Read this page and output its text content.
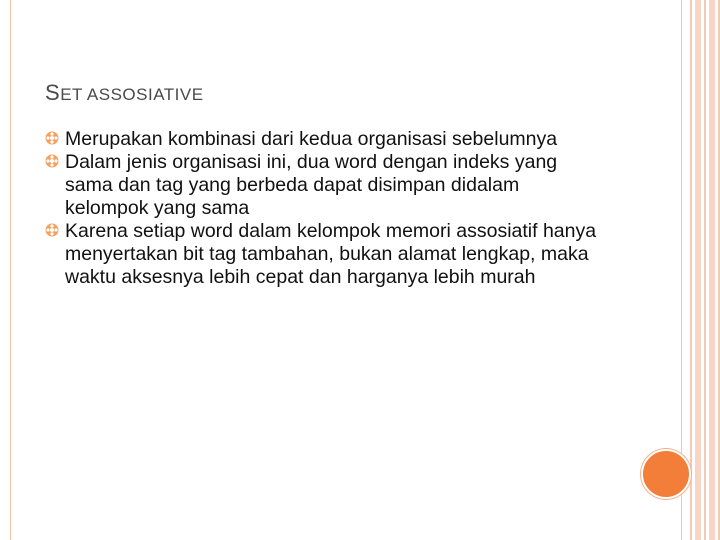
SET ASSOSIATIVE
Merupakan kombinasi dari kedua organisasi sebelumnya
Dalam jenis organisasi ini, dua word dengan indeks yang sama dan tag yang berbeda dapat disimpan didalam kelompok yang sama
Karena setiap word dalam kelompok memori assosiatif hanya menyertakan bit tag tambahan, bukan alamat lengkap, maka waktu aksesnya lebih cepat dan harganya lebih murah
